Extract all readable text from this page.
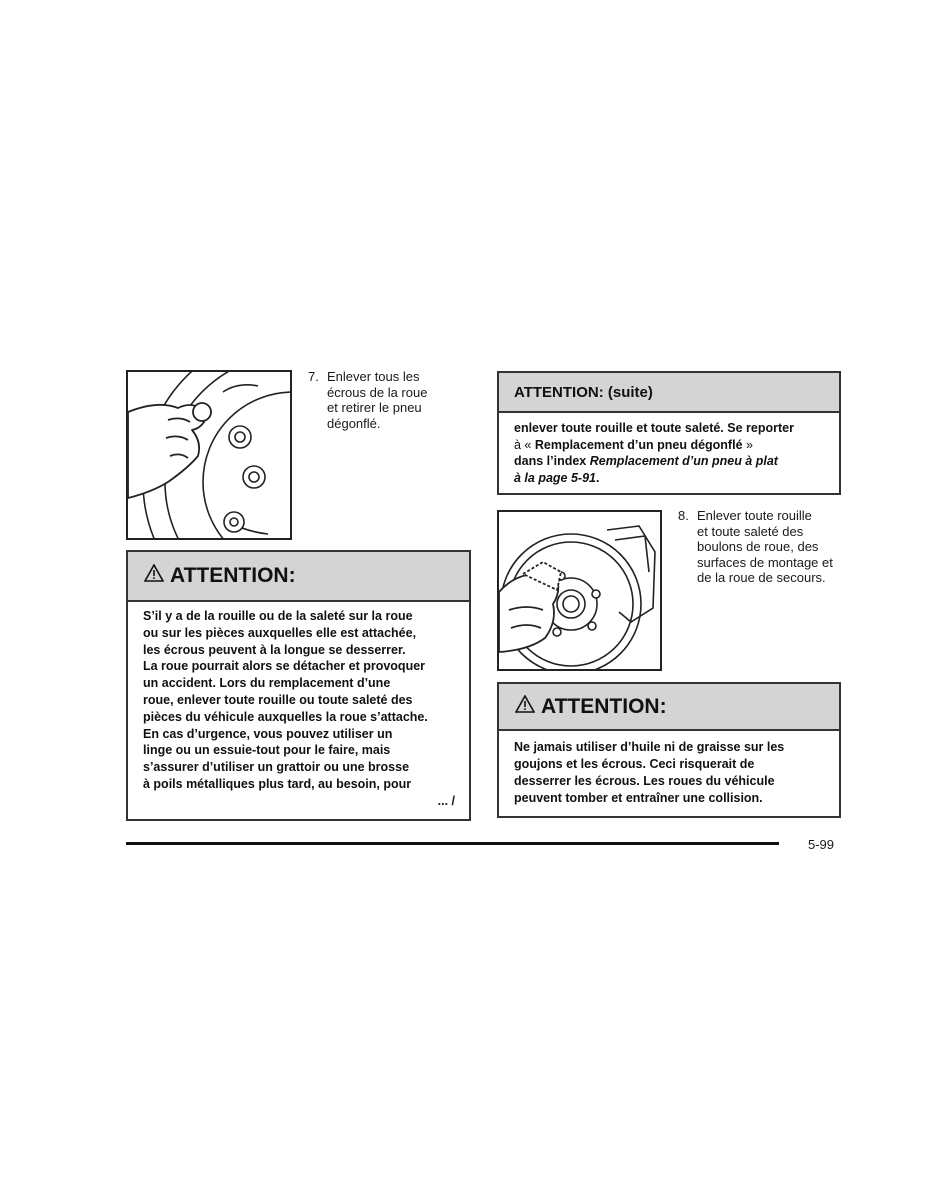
7. Enlever tous les
écrous de la roue
et retirer le pneu
dégonflé.
ATTENTION:
S’il y a de la rouille ou de la saleté sur la roue
ou sur les pièces auxquelles elle est attachée,
les écrous peuvent à la longue se desserrer.
La roue pourrait alors se détacher et provoquer
un accident. Lors du remplacement d’une
roue, enlever toute rouille ou toute saleté des
pièces du véhicule auxquelles la roue s’attache.
En cas d’urgence, vous pouvez utiliser un
linge ou un essuie-tout pour le faire, mais
s’assurer d’utiliser un grattoir ou une brosse
à poils métalliques plus tard, au besoin, pour
... /
ATTENTION: (suite)
enlever toute rouille et toute saleté. Se reporter
à « Remplacement d’un pneu dégonflé »
dans l’index Remplacement d’un pneu à plat
à la page 5-91.
8. Enlever toute rouille
et toute saleté des
boulons de roue, des
surfaces de montage et
de la roue de secours.
ATTENTION:
Ne jamais utiliser d’huile ni de graisse sur les
goujons et les écrous. Ceci risquerait de
desserrer les écrous. Les roues du véhicule
peuvent tomber et entraîner une collision.
5-99
